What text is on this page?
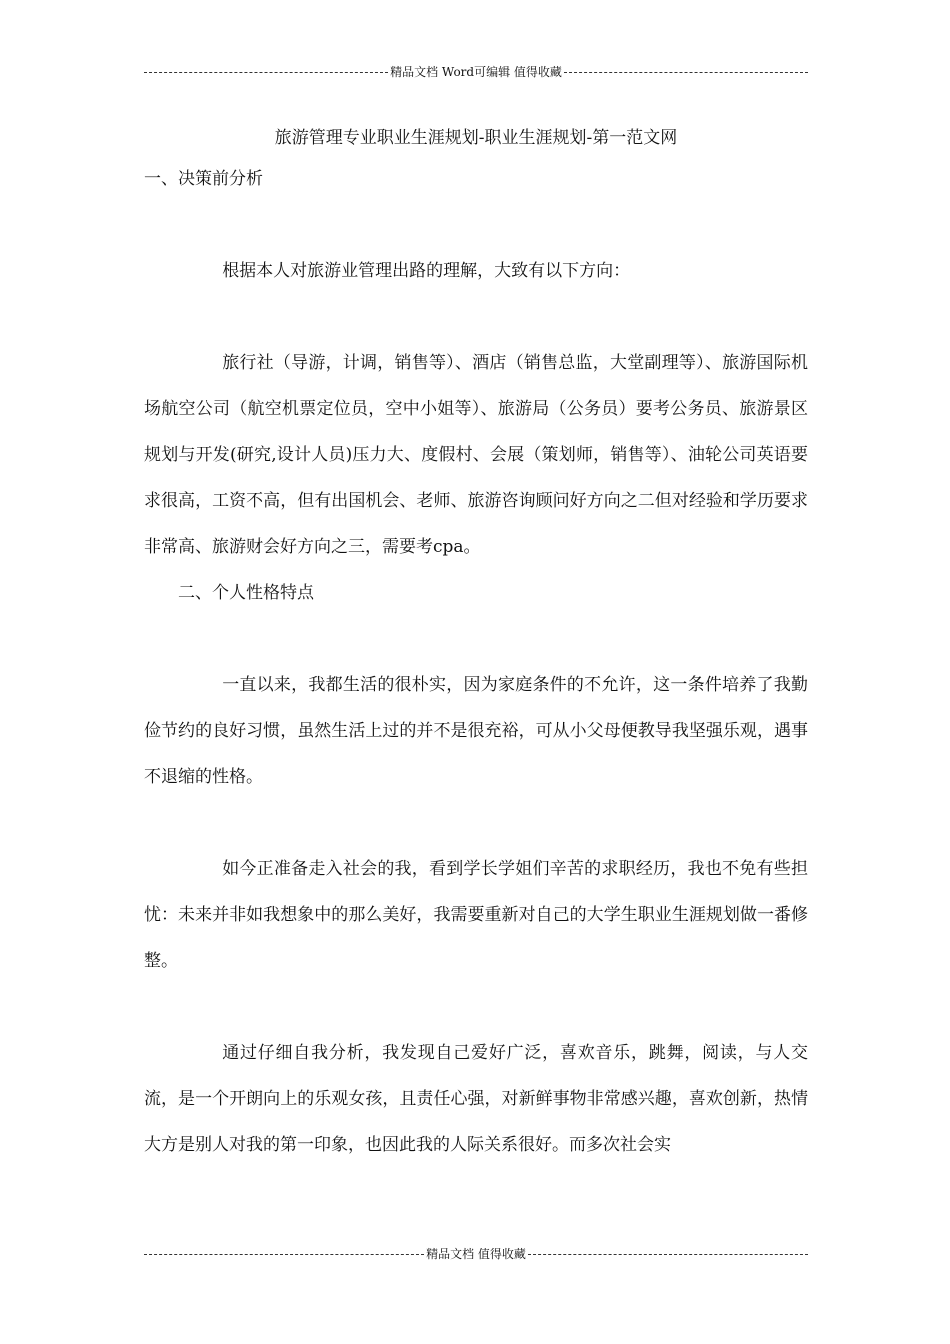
精品文档 Word可编辑 值得收藏
旅游管理专业职业生涯规划-职业生涯规划-第一范文网

一、决策前分析

根据本人对旅游业管理出路的理解，大致有以下方向：

旅行社（导游，计调，销售等）、酒店（销售总监，大堂副理等）、旅游国际机场航空公司（航空机票定位员，空中小姐等）、旅游局（公务员）要考公务员、旅游景区规划与开发(研究,设计人员)压力大、度假村、会展（策划师，销售等）、油轮公司英语要求很高，工资不高，但有出国机会、老师、旅游咨询顾问好方向之二但对经验和学历要求非常高、旅游财会好方向之三，需要考cpa。

二、个人性格特点

一直以来，我都生活的很朴实，因为家庭条件的不允许，这一条件培养了我勤俭节约的良好习惯，虽然生活上过的并不是很充裕，可从小父母便教导我坚强乐观，遇事不退缩的性格。

如今正准备走入社会的我，看到学长学姐们辛苦的求职经历，我也不免有些担忧：未来并非如我想象中的那么美好，我需要重新对自己的大学生职业生涯规划做一番修整。

通过仔细自我分析，我发现自己爱好广泛，喜欢音乐，跳舞，阅读，与人交流，是一个开朗向上的乐观女孩，且责任心强，对新鲜事物非常感兴趣，喜欢创新，热情大方是别人对我的第一印象，也因此我的人际关系很好。而多次社会实

精品文档 值得收藏
